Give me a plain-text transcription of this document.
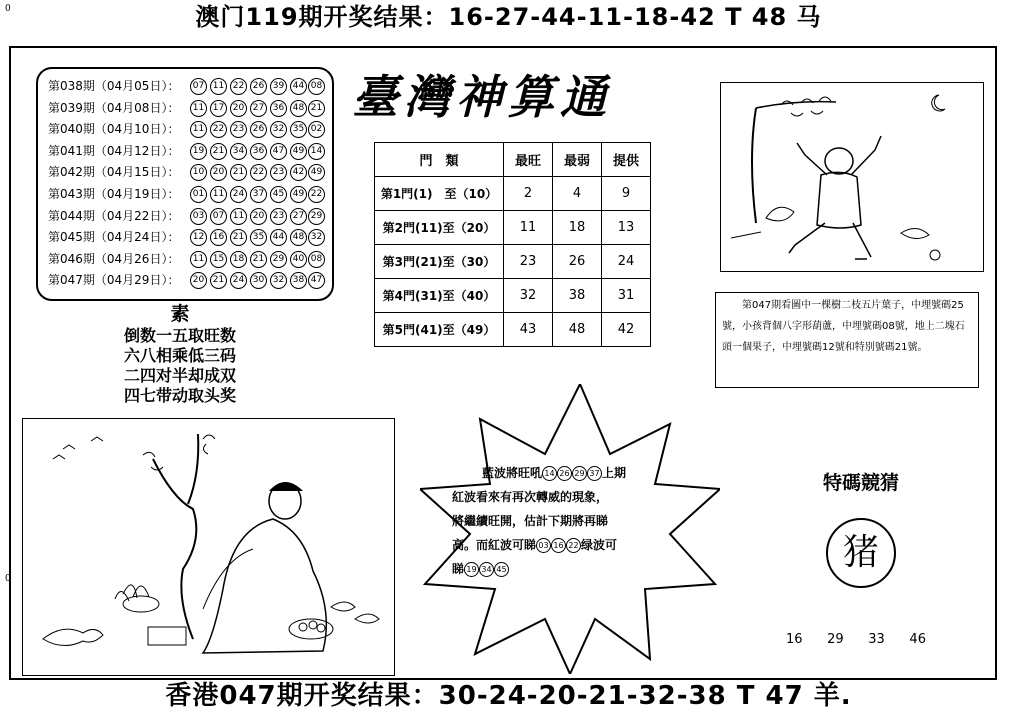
澳门119期开奖结果：16-27-44-11-18-42 T 48 马
0
0
第038期（04月05日）：	07 11 22 26 39 44 08
第039期（04月08日）：	11 17 20 27 36 48 21
第040期（04月10日）：	11 22 23 26 32 35 02
第041期（04月12日）：	19 21 34 36 47 49 14
第042期（04月15日）：	10 20 21 22 23 42 49
第043期（04月19日）：	01 11 24 37 45 49 22
第044期（04月22日）：	03 07 11 20 23 27 29
第045期（04月24日）：	12 16 21 35 44 48 32
第046期（04月26日）：	11 15 18 21 29 40 08
第047期（04月29日）：	20 21 24 30 32 38 47
臺灣神算通
門　類	最旺	最弱	提供
第1門(1)　至（10）	2	4	9
第2門(11)至（20）	11	18	13
第3門(21)至（30）	23	26	24
第4門(31)至（40）	32	38	31
第5門(41)至（49）	43	48	42
素
倒数一五取旺数
六八相乘低三码
二四对半却成双
四七带动取头奖
第047期看圖中一棵樹二枝五片葉子，中埋號碼25號，小孩背個八字形葫蘆，中埋號碼08號，地上二塊石頭一個果子，中埋號碼12號和特別號碼21號。
藍波將旺吼 14 26 29 37 上期
紅波看來有再次轉威的現象，
將繼續旺開，估計下期將再睇
高。而紅波可睇 03 16 22 绿波可
睇 19 34 45
特碼競猜
猪
16 29 33 46
香港047期开奖结果：30-24-20-21-32-38 T 47 羊.
